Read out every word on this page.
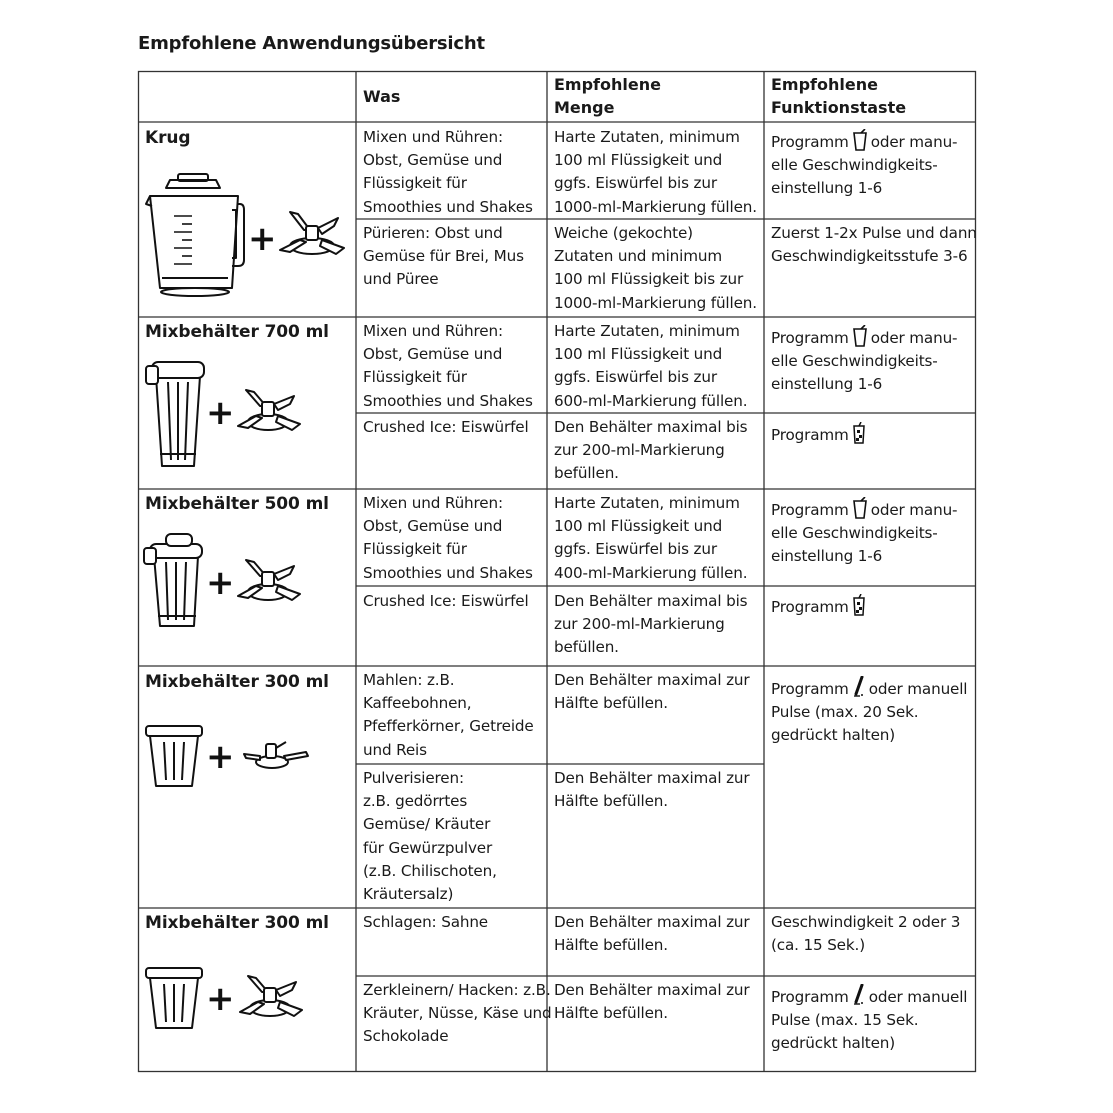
Empfohlene Anwendungsübersicht
Was
Empfohlene
Menge
Empfohlene
Funktionstaste
Krug
+
Mixen und Rühren:
Obst, Gemüse und
Flüssigkeit für
Smoothies und Shakes
Harte Zutaten, minimum
100 ml Flüssigkeit und
ggfs. Eiswürfel bis zur
1000-ml-Markierung füllen.
Programm oder manu-
elle Geschwindigkeits-
einstellung 1-6
Pürieren: Obst und
Gemüse für Brei, Mus
und Püree
Weiche (gekochte)
Zutaten und minimum
100 ml Flüssigkeit bis zur
1000-ml-Markierung füllen.
Zuerst 1-2x Pulse und dann
Geschwindigkeitsstufe 3-6
Mixbehälter 700 ml
+
Mixen und Rühren:
Obst, Gemüse und
Flüssigkeit für
Smoothies und Shakes
Harte Zutaten, minimum
100 ml Flüssigkeit und
ggfs. Eiswürfel bis zur
600-ml-Markierung füllen.
Programm oder manu-
elle Geschwindigkeits-
einstellung 1-6
Crushed Ice: Eiswürfel Den Behälter maximal bis
zur 200-ml-Markierung
befüllen.
Programm
Mixbehälter 500 ml
+
Mixen und Rühren:
Obst, Gemüse und
Flüssigkeit für
Smoothies und Shakes
Harte Zutaten, minimum
100 ml Flüssigkeit und
ggfs. Eiswürfel bis zur
400-ml-Markierung füllen.
Programm oder manu-
elle Geschwindigkeits-
einstellung 1-6
Crushed Ice: Eiswürfel Den Behälter maximal bis
zur 200-ml-Markierung
befüllen.
Programm
Mixbehälter 300 ml
+
Mahlen: z.B.
Kaffeebohnen,
Pfefferkörner, Getreide
und Reis
Den Behälter maximal zur
Hälfte befüllen.
Programm oder manuell
Pulse (max. 20 Sek.
gedrückt halten)
Pulverisieren:
z.B. gedörrtes
Gemüse/ Kräuter
für Gewürzpulver
(z.B. Chilischoten,
Kräutersalz)
Den Behälter maximal zur
Hälfte befüllen.
Mixbehälter 300 ml
+
Schlagen: Sahne	Den Behälter maximal zur
Hälfte befüllen.
Geschwindigkeit 2 oder 3
(ca. 15 Sek.)
Zerkleinern/ Hacken: z.B.
Kräuter, Nüsse, Käse und
Schokolade
Den Behälter maximal zur
Hälfte befüllen.
Programm oder manuell
Pulse (max. 15 Sek.
gedrückt halten)
